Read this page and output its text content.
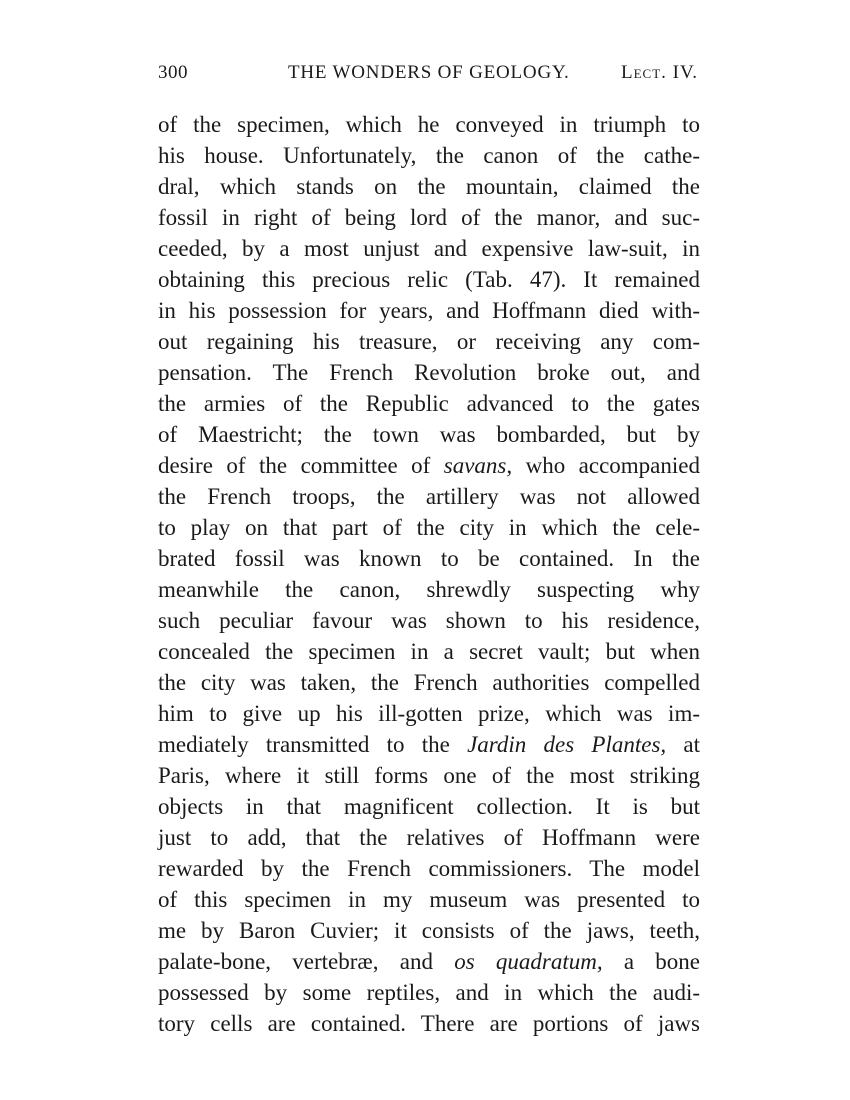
300	THE WONDERS OF GEOLOGY.	Lect. IV.
of the specimen, which he conveyed in triumph to
his house. Unfortunately, the canon of the cathe-
dral, which stands on the mountain, claimed the
fossil in right of being lord of the manor, and suc-
ceeded, by a most unjust and expensive law-suit, in
obtaining this precious relic (Tab. 47). It remained
in his possession for years, and Hoffmann died with-
out regaining his treasure, or receiving any com-
pensation. The French Revolution broke out, and
the armies of the Republic advanced to the gates
of Maestricht; the town was bombarded, but by
desire of the committee of savans, who accompanied
the French troops, the artillery was not allowed
to play on that part of the city in which the cele-
brated fossil was known to be contained. In the
meanwhile the canon, shrewdly suspecting why
such peculiar favour was shown to his residence,
concealed the specimen in a secret vault; but when
the city was taken, the French authorities compelled
him to give up his ill-gotten prize, which was im-
mediately transmitted to the Jardin des Plantes, at
Paris, where it still forms one of the most striking
objects in that magnificent collection. It is but
just to add, that the relatives of Hoffmann were
rewarded by the French commissioners. The model
of this specimen in my museum was presented to
me by Baron Cuvier; it consists of the jaws, teeth,
palate-bone, vertebræ, and os quadratum, a bone
possessed by some reptiles, and in which the audi-
tory cells are contained. There are portions of jaws
